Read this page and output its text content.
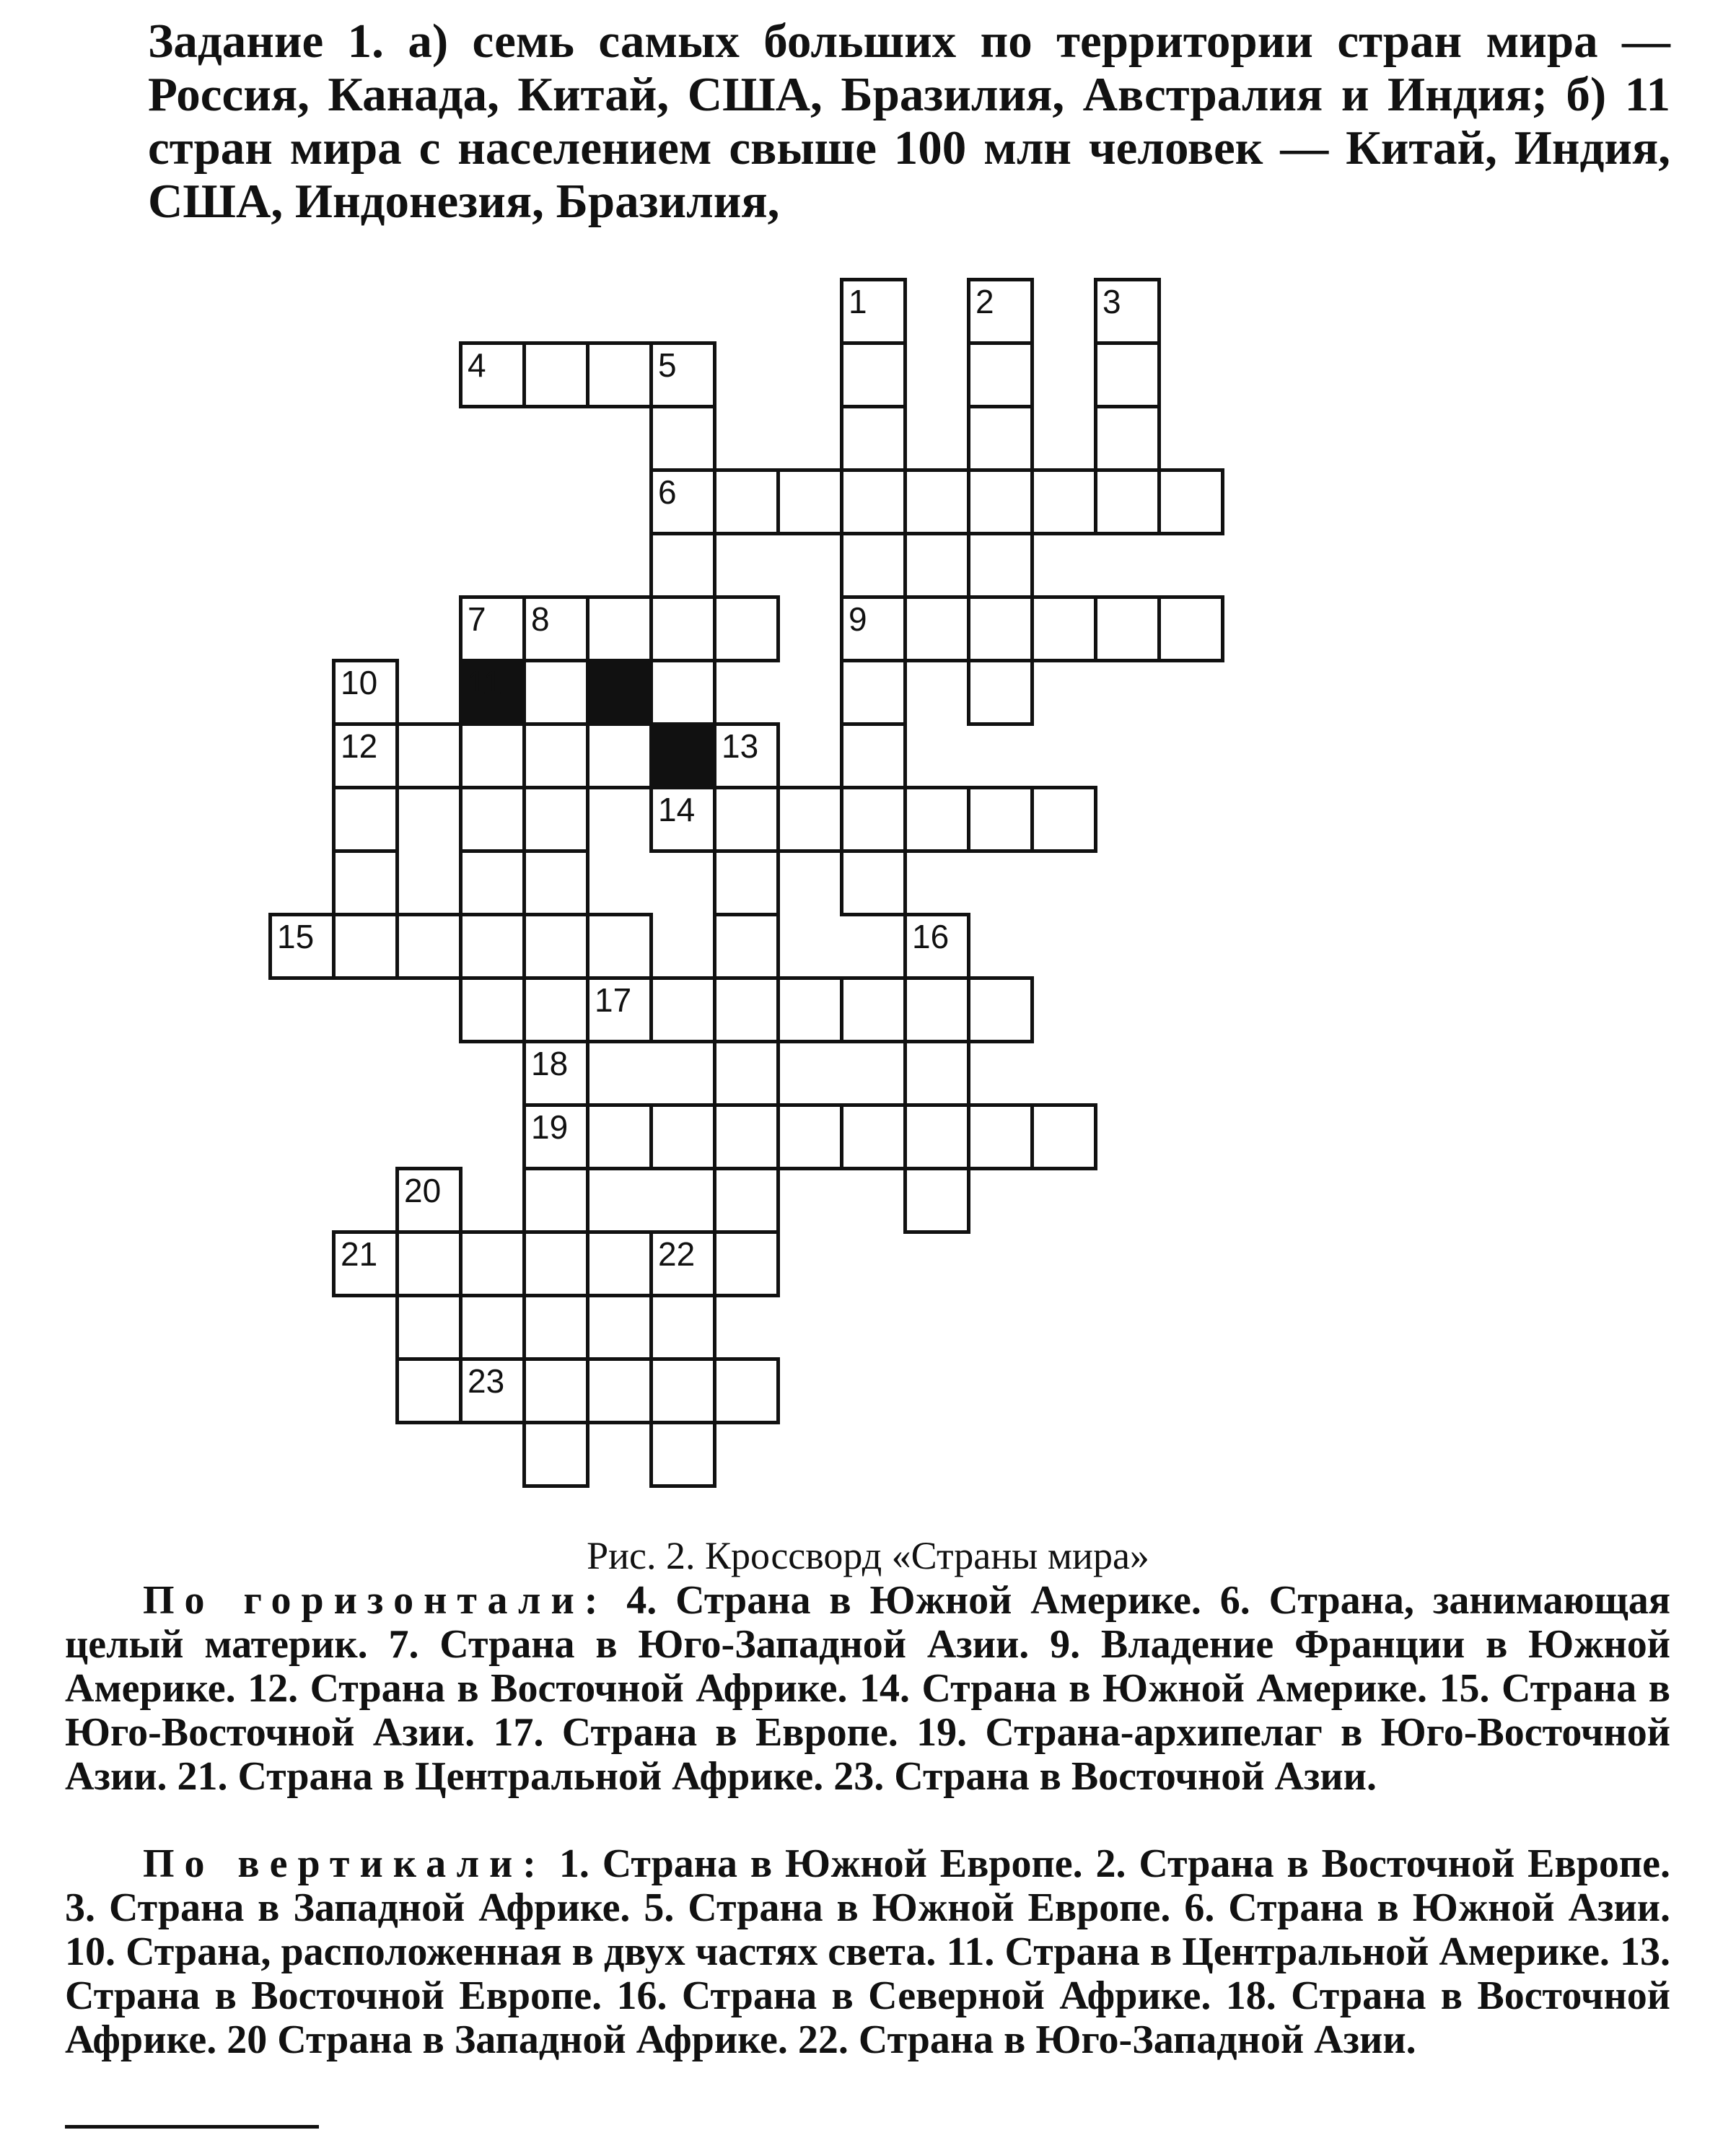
Задание 1. а) семь самых больших по территории стран мира — Россия, Канада, Китай, США, Бразилия, Австралия и Индия; б) 11 стран мира с населением свыше 100 млн человек — Китай, Индия, США, Индонезия, Бразилия,

1	2	3
4	5
6
7 8	9
10	11
12	13
14
15	16
17
18
19
20
21	22
23

Рис. 2. Кроссворд «Страны мира»

По горизонтали: 4. Страна в Южной Америке. 6. Страна, занимающая целый материк. 7. Страна в Юго-Западной Азии. 9. Владение Франции в Южной Америке. 12. Страна в Восточной Африке. 14. Страна в Южной Америке. 15. Страна в Юго-Восточной Азии. 17. Страна в Европе. 19. Страна-архипелаг в Юго-Восточной Азии. 21. Страна в Центральной Африке. 23. Страна в Восточной Азии.

По вертикали: 1. Страна в Южной Европе. 2. Страна в Восточной Европе. 3. Страна в Западной Африке. 5. Страна в Южной Европе. 6. Страна в Южной Азии. 10. Страна, расположенная в двух частях света. 11. Страна в Центральной Америке. 13. Страна в Восточной Европе. 16. Страна в Северной Африке. 18. Страна в Восточной Африке. 20 Страна в Западной Африке. 22. Страна в Юго-Западной Азии.
